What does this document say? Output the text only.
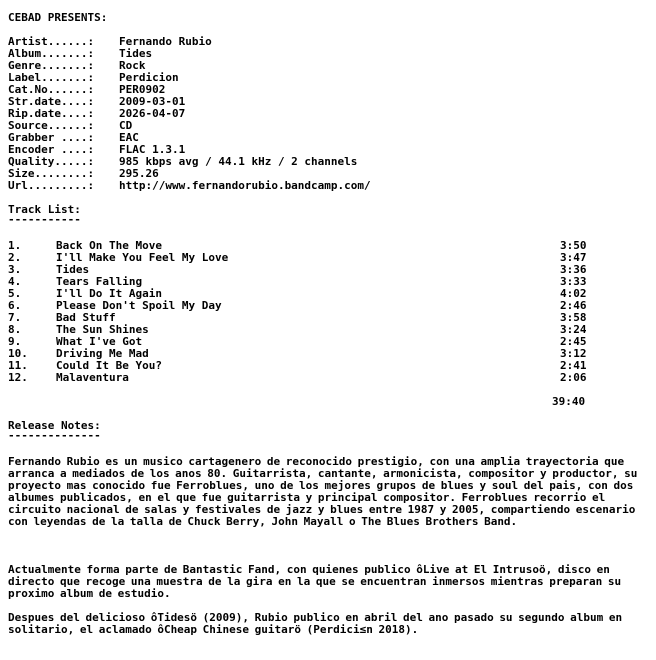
CEBAD PRESENTS:
Artist......: Fernando Rubio
Album.......: Tides
Genre.......: Rock
Label.......: Perdicion
Cat.No......: PER0902
Str.date....: 2009-03-01
Rip.date....: 2026-04-07
Source......: CD
Grabber ....: EAC
Encoder ....: FLAC 1.3.1
Quality.....: 985 kbps avg / 44.1 kHz / 2 channels
Size........: 295.26
Url.........: http://www.fernandorubio.bandcamp.com/
Track List:
-----------
1.	Back On The Move	3:50
2.	I'll Make You Feel My Love	3:47
3.	Tides	3:36
4.	Tears Falling	3:33
5.	I'll Do It Again	4:02
6.	Please Don't Spoil My Day	2:46
7.	Bad Stuff	3:58
8.	The Sun Shines	3:24
9.	What I've Got	2:45
10.	Driving Me Mad	3:12
11.	Could It Be You?	2:41
12.	Malaventura	2:06
39:40
Release Notes:
--------------
Fernando Rubio es un musico cartagenero de reconocido prestigio, con una amplia trayectoria que arranca a mediados de los anos 80. Guitarrista, cantante, armonicista, compositor y productor, su proyecto mas conocido fue Ferroblues, uno de los mejores grupos de blues y soul del pais, con dos albumes publicados, en el que fue guitarrista y principal compositor. Ferroblues recorrio el circuito nacional de salas y festivales de jazz y blues entre 1987 y 2005, compartiendo escenario con leyendas de la talla de Chuck Berry, John Mayall o The Blues Brothers Band.
Actualmente forma parte de Bantastic Fand, con quienes publico ôLive at El Intrusoö, disco en directo que recoge una muestra de la gira en la que se encuentran inmersos mientras preparan su proximo album de estudio.
Despues del delicioso ôTidesö (2009), Rubio publico en abril del ano pasado su segundo album en solitario, el aclamado ôCheap Chinese guitarö (Perdici≤n 2018).
